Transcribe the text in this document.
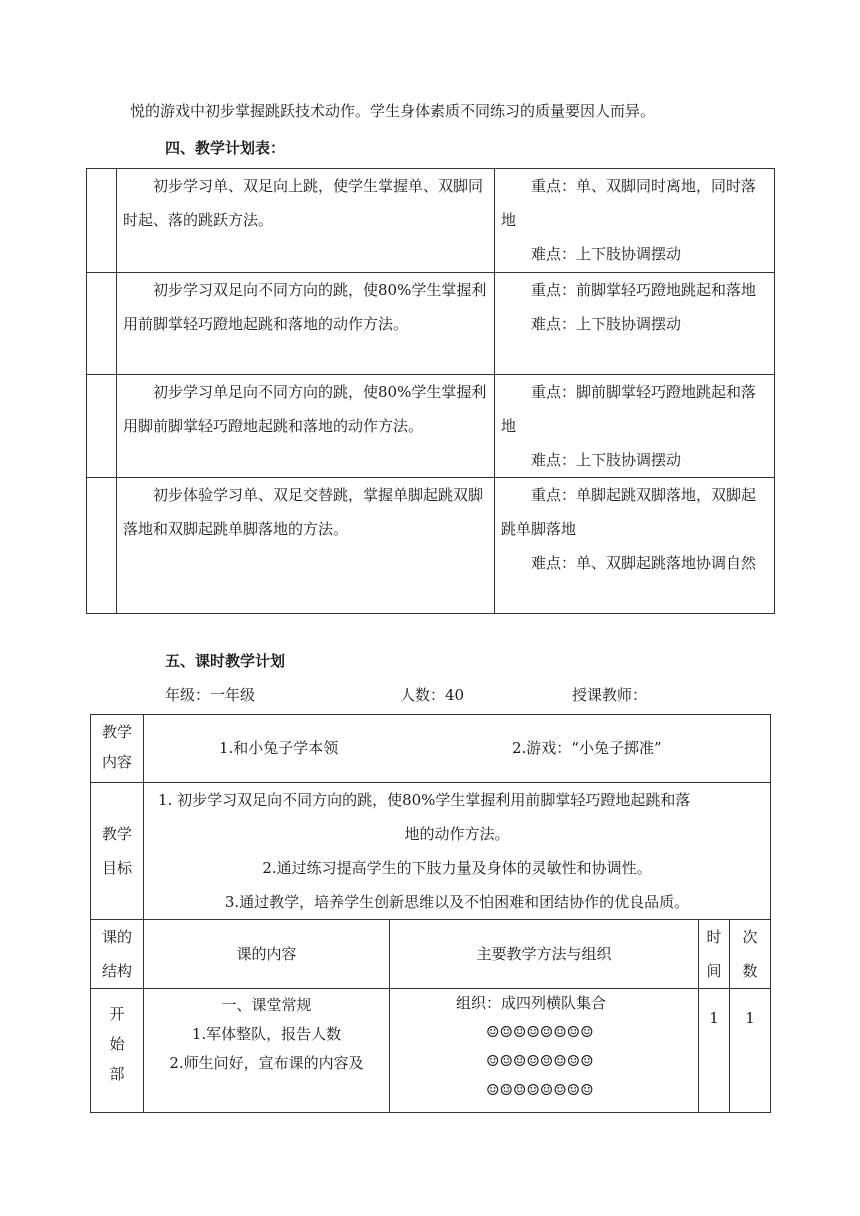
悦的游戏中初步掌握跳跃技术动作。学生身体素质不同练习的质量要因人而异。
四、教学计划表：
	初步学习单、双足向上跳，使学生掌握单、双脚同时起、落的跳跃方法。	重点：单、双脚同时离地，同时落地
难点：上下肢协调摆动

	初步学习双足向不同方向的跳，使80%学生掌握利用前脚掌轻巧蹬地起跳和落地的动作方法。	重点：前脚掌轻巧蹬地跳起和落地
难点：上下肢协调摆动

	初步学习单足向不同方向的跳，使80%学生掌握利用脚前脚掌轻巧蹬地起跳和落地的动作方法。	重点：脚前脚掌轻巧蹬地跳起和落地
难点：上下肢协调摆动

	初步体验学习单、双足交替跳，掌握单脚起跳双脚落地和双脚起跳单脚落地的方法。	重点：单脚起跳双脚落地，双脚起跳单脚落地
难点：单、双脚起跳落地协调自然
五、课时教学计划
年级：一年级	人数：40	授课教师：
教学
内容	1.和小兔子学本领 2.游戏：“小兔子掷准”			

教学
目标	1. 初步学习双足向不同方向的跳，使80%学生掌握利用前脚掌轻巧蹬地起跳和落
地的动作方法。
2.通过练习提高学生的下肢力量及身体的灵敏性和协调性。
3.通过教学，培养学生创新思维以及不怕困难和团结协作的优良品质。			

课的
结构	课的内容	主要教学方法与组织	时
间	次
数

开
始
部	一、课堂常规
1.军体整队，报告人数
2.师生问好，宣布课的内容及	组织：成四列横队集合
☺☺☺☺☺☺☺☺
☺☺☺☺☺☺☺☺
☺☺☺☺☺☺☺☺	1	1
